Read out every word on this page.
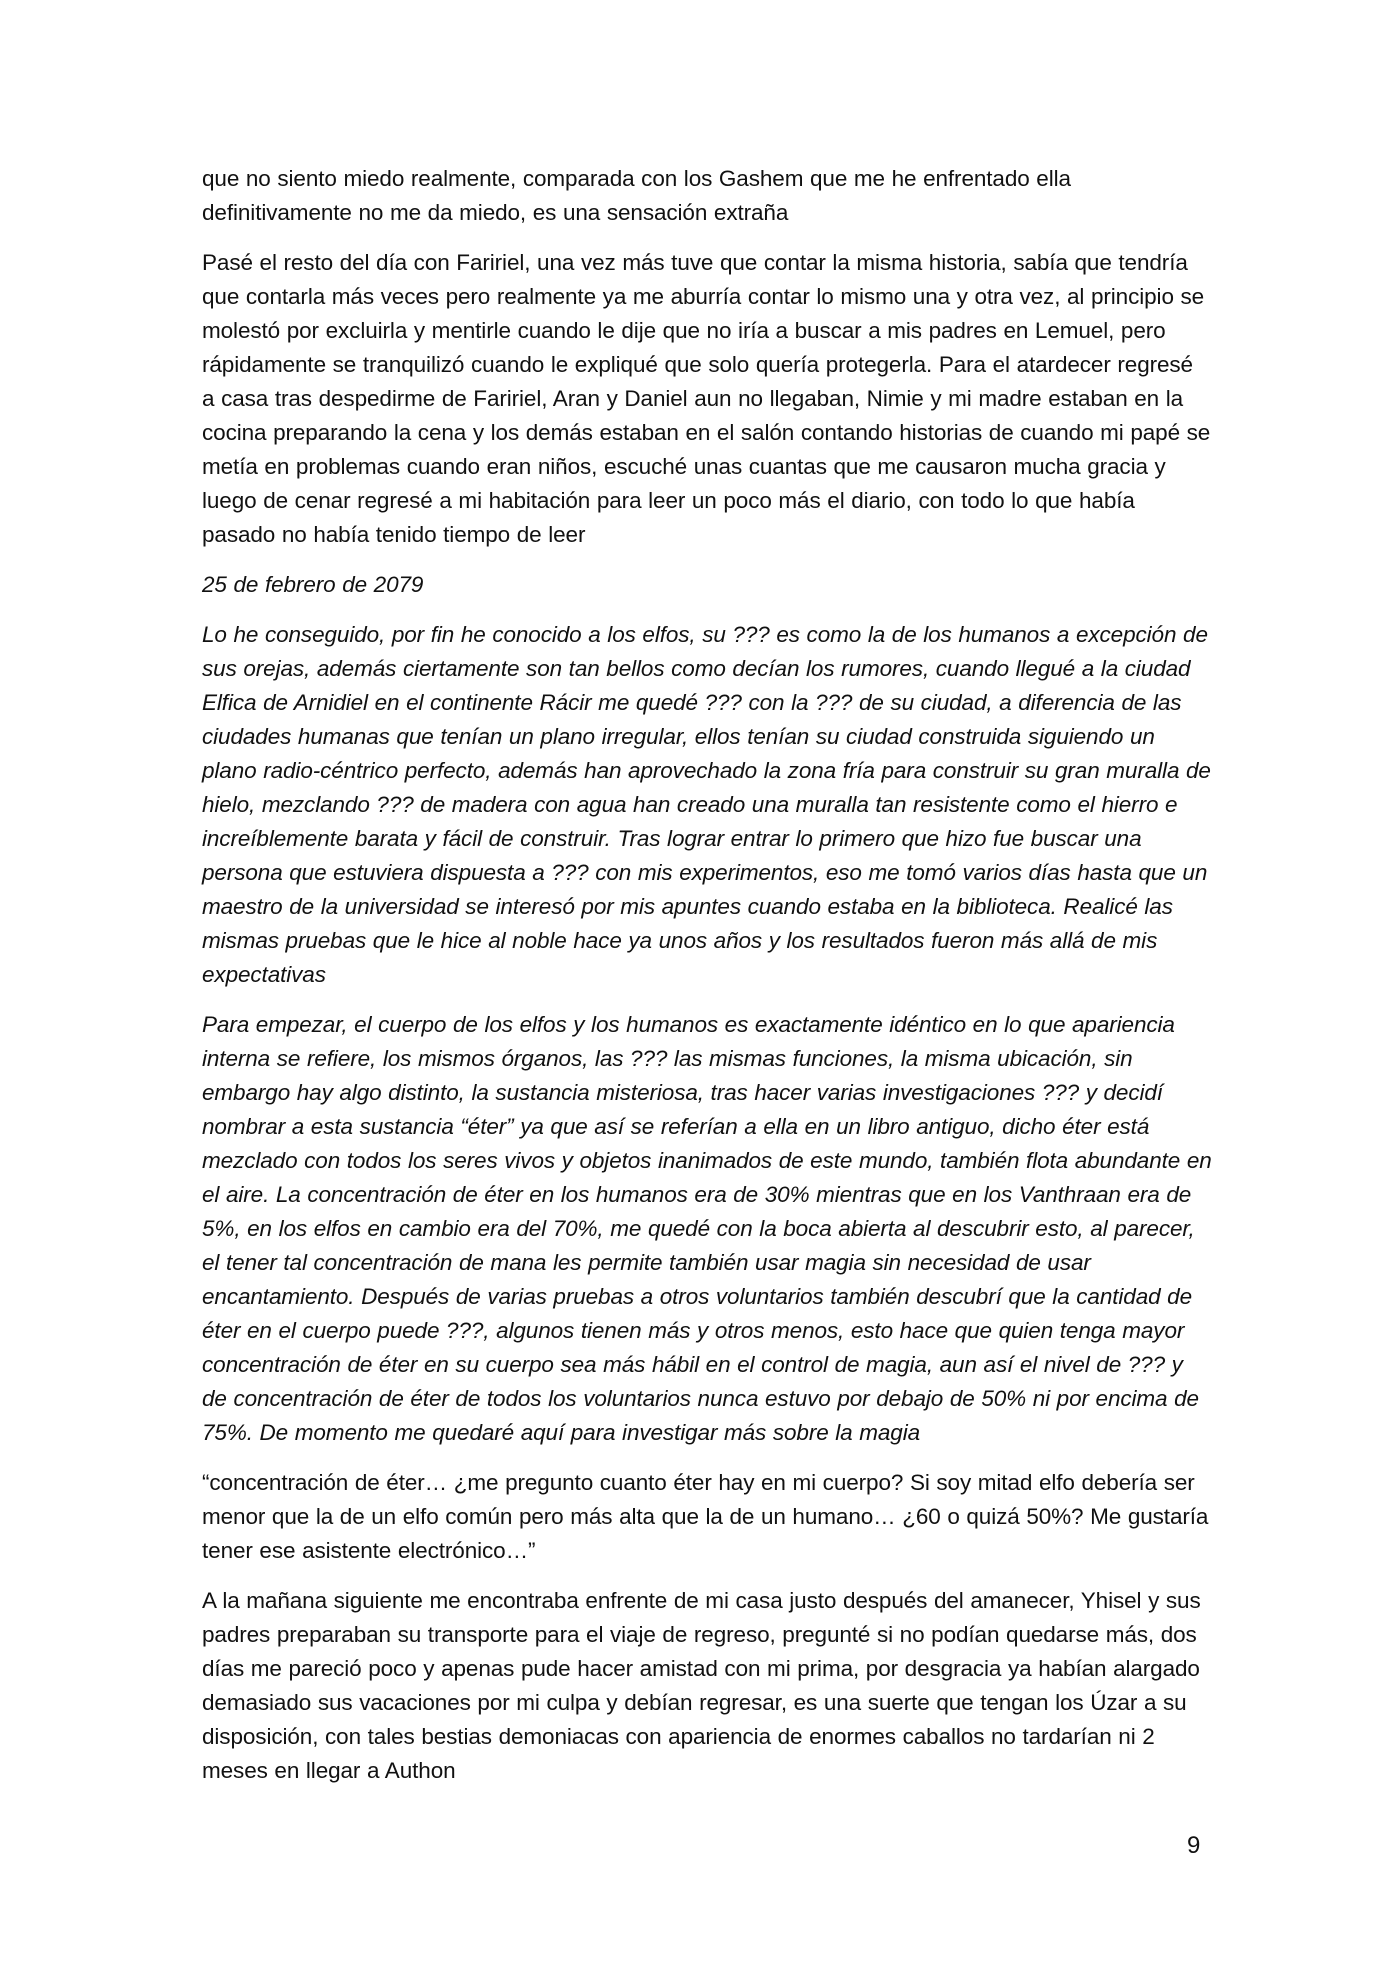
que no siento miedo realmente, comparada con los Gashem que me he enfrentado ella definitivamente no me da miedo, es una sensación extraña

Pasé el resto del día con Faririel, una vez más tuve que contar la misma historia, sabía que tendría que contarla más veces pero realmente ya me aburría contar lo mismo una y otra vez, al principio se molestó por excluirla y mentirle cuando le dije que no iría a buscar a mis padres en Lemuel, pero rápidamente se tranquilizó cuando le expliqué que solo quería protegerla. Para el atardecer regresé a casa tras despedirme de Faririel, Aran y Daniel aun no llegaban, Nimie y mi madre estaban en la cocina preparando la cena y los demás estaban en el salón contando historias de cuando mi papé se metía en problemas cuando eran niños, escuché unas cuantas que me causaron mucha gracia y luego de cenar regresé a mi habitación para leer un poco más el diario, con todo lo que había pasado no había tenido tiempo de leer

25 de febrero de 2079

Lo he conseguido, por fin he conocido a los elfos, su ??? es como la de los humanos a excepción de sus orejas, además ciertamente son tan bellos como decían los rumores, cuando llegué a la ciudad Elfica de Arnidiel en el continente Rácir me quedé ??? con la ??? de su ciudad, a diferencia de las ciudades humanas que tenían un plano irregular, ellos tenían su ciudad construida siguiendo un plano radio-céntrico perfecto, además han aprovechado la zona fría para construir su gran muralla de hielo, mezclando ??? de madera con agua han creado una muralla tan resistente como el hierro e increíblemente barata y fácil de construir. Tras lograr entrar lo primero que hizo fue buscar una persona que estuviera dispuesta a ??? con mis experimentos, eso me tomó varios días hasta que un maestro de la universidad se interesó por mis apuntes cuando estaba en la biblioteca. Realicé las mismas pruebas que le hice al noble hace ya unos años y los resultados fueron más allá de mis expectativas

Para empezar, el cuerpo de los elfos y los humanos es exactamente idéntico en lo que apariencia interna se refiere, los mismos órganos, las ??? las mismas funciones, la misma ubicación, sin embargo hay algo distinto, la sustancia misteriosa, tras hacer varias investigaciones ??? y decidí nombrar a esta sustancia “éter” ya que así se referían a ella en un libro antiguo, dicho éter está mezclado con todos los seres vivos y objetos inanimados de este mundo, también flota abundante en el aire. La concentración de éter en los humanos era de 30% mientras que en los Vanthraan era de 5%, en los elfos en cambio era del 70%, me quedé con la boca abierta al descubrir esto, al parecer, el tener tal concentración de mana les permite también usar magia sin necesidad de usar encantamiento. Después de varias pruebas a otros voluntarios también descubrí que la cantidad de éter en el cuerpo puede ???, algunos tienen más y otros menos, esto hace que quien tenga mayor concentración de éter en su cuerpo sea más hábil en el control de magia, aun así el nivel de ??? y de concentración de éter de todos los voluntarios nunca estuvo por debajo de 50% ni por encima de 75%. De momento me quedaré aquí para investigar más sobre la magia

“concentración de éter… ¿me pregunto cuanto éter hay en mi cuerpo? Si soy mitad elfo debería ser menor que la de un elfo común pero más alta que la de un humano… ¿60 o quizá 50%? Me gustaría tener ese asistente electrónico…”

A la mañana siguiente me encontraba enfrente de mi casa justo después del amanecer, Yhisel y sus padres preparaban su transporte para el viaje de regreso, pregunté si no podían quedarse más, dos días me pareció poco y apenas pude hacer amistad con mi prima, por desgracia ya habían alargado demasiado sus vacaciones por mi culpa y debían regresar, es una suerte que tengan los Úzar a su disposición, con tales bestias demoniacas con apariencia de enormes caballos no tardarían ni 2 meses en llegar a Authon

9
